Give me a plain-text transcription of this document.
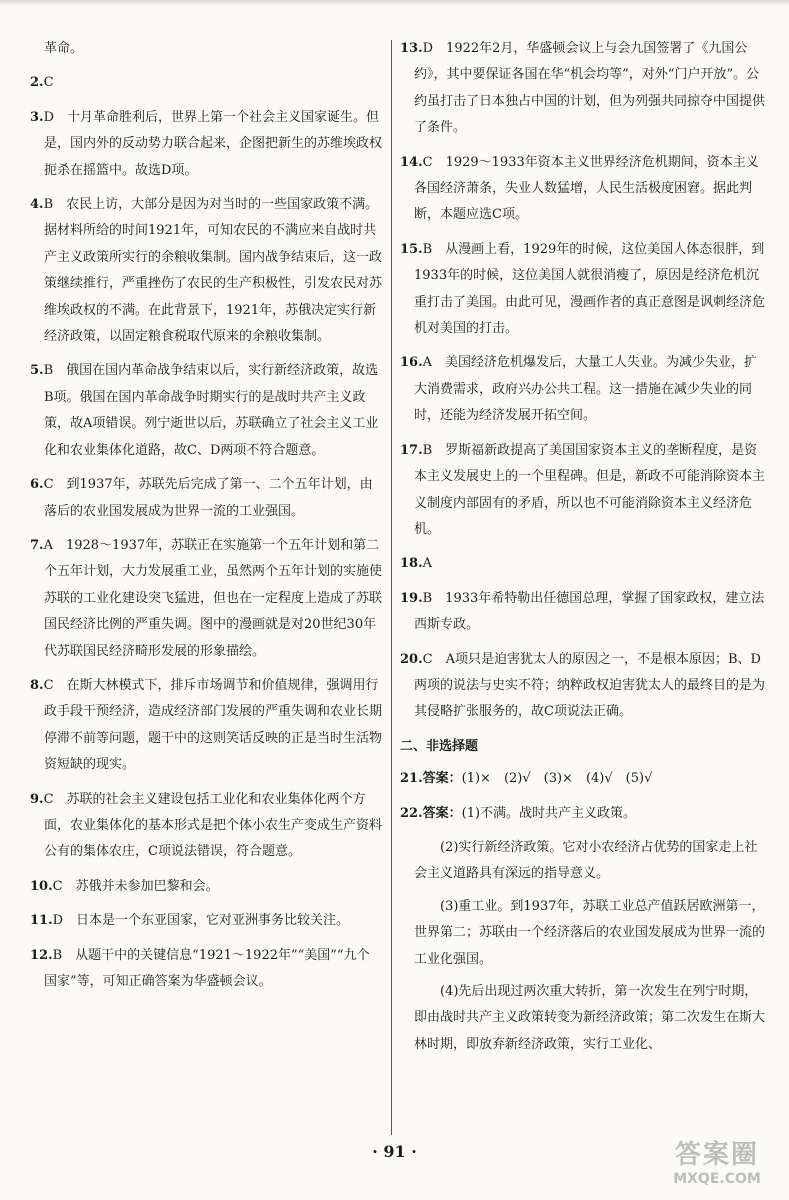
革命。
2.C
3.D　十月革命胜利后，世界上第一个社会主义国家诞生。但是，国内外的反动势力联合起来，企图把新生的苏维埃政权扼杀在摇篮中。故选D项。
4.B　农民上访，大部分是因为对当时的一些国家政策不满。据材料所给的时间1921年，可知农民的不满应来自战时共产主义政策所实行的余粮收集制。国内战争结束后，这一政策继续推行，严重挫伤了农民的生产积极性，引发农民对苏维埃政权的不满。在此背景下，1921年，苏俄决定实行新经济政策，以固定粮食税取代原来的余粮收集制。
5.B　俄国在国内革命战争结束以后，实行新经济政策，故选B项。俄国在国内革命战争时期实行的是战时共产主义政策，故A项错误。列宁逝世以后，苏联确立了社会主义工业化和农业集体化道路，故C、D两项不符合题意。
6.C　到1937年，苏联先后完成了第一、二个五年计划，由落后的农业国发展成为世界一流的工业强国。
7.A　1928～1937年，苏联正在实施第一个五年计划和第二个五年计划，大力发展重工业，虽然两个五年计划的实施使苏联的工业化建设突飞猛进，但也在一定程度上造成了苏联国民经济比例的严重失调。图中的漫画就是对20世纪30年代苏联国民经济畸形发展的形象描绘。
8.C　在斯大林模式下，排斥市场调节和价值规律，强调用行政手段干预经济，造成经济部门发展的严重失调和农业长期停滞不前等问题，题干中的这则笑话反映的正是当时生活物资短缺的现实。
9.C　苏联的社会主义建设包括工业化和农业集体化两个方面，农业集体化的基本形式是把个体小农生产变成生产资料公有的集体农庄，C项说法错误，符合题意。
10.C　苏俄并未参加巴黎和会。
11.D　日本是一个东亚国家，它对亚洲事务比较关注。
12.B　从题干中的关键信息“1921～1922年”“美国”“九个国家”等，可知正确答案为华盛顿会议。
13.D　1922年2月，华盛顿会议上与会九国签署了《九国公约》，其中要保证各国在华“机会均等”，对外“门户开放”。公约虽打击了日本独占中国的计划，但为列强共同掠夺中国提供了条件。
14.C　1929～1933年资本主义世界经济危机期间，资本主义各国经济萧条，失业人数猛增，人民生活极度困窘。据此判断，本题应选C项。
15.B　从漫画上看，1929年的时候，这位美国人体态很胖，到1933年的时候，这位美国人就很消瘦了，原因是经济危机沉重打击了美国。由此可见，漫画作者的真正意图是讽刺经济危机对美国的打击。
16.A　美国经济危机爆发后，大量工人失业。为减少失业，扩大消费需求，政府兴办公共工程。这一措施在减少失业的同时，还能为经济发展开拓空间。
17.B　罗斯福新政提高了美国国家资本主义的垄断程度，是资本主义发展史上的一个里程碑。但是，新政不可能消除资本主义制度内部固有的矛盾，所以也不可能消除资本主义经济危机。
18.A
19.B　1933年希特勒出任德国总理，掌握了国家政权，建立法西斯专政。
20.C　A项只是迫害犹太人的原因之一，不是根本原因；B、D两项的说法与史实不符；纳粹政权迫害犹太人的最终目的是为其侵略扩张服务的，故C项说法正确。
二、非选择题
21.答案：(1)×　(2)√　(3)×　(4)√　(5)√
22.答案：(1)不满。战时共产主义政策。
(2)实行新经济政策。它对小农经济占优势的国家走上社会主义道路具有深远的指导意义。
(3)重工业。到1937年，苏联工业总产值跃居欧洲第一，世界第二；苏联由一个经济落后的农业国发展成为世界一流的工业化强国。
(4)先后出现过两次重大转折，第一次发生在列宁时期，即由战时共产主义政策转变为新经济政策；第二次发生在斯大林时期，即放弃新经济政策，实行工业化、
· 91 ·	答案圈
MXQE.COM
